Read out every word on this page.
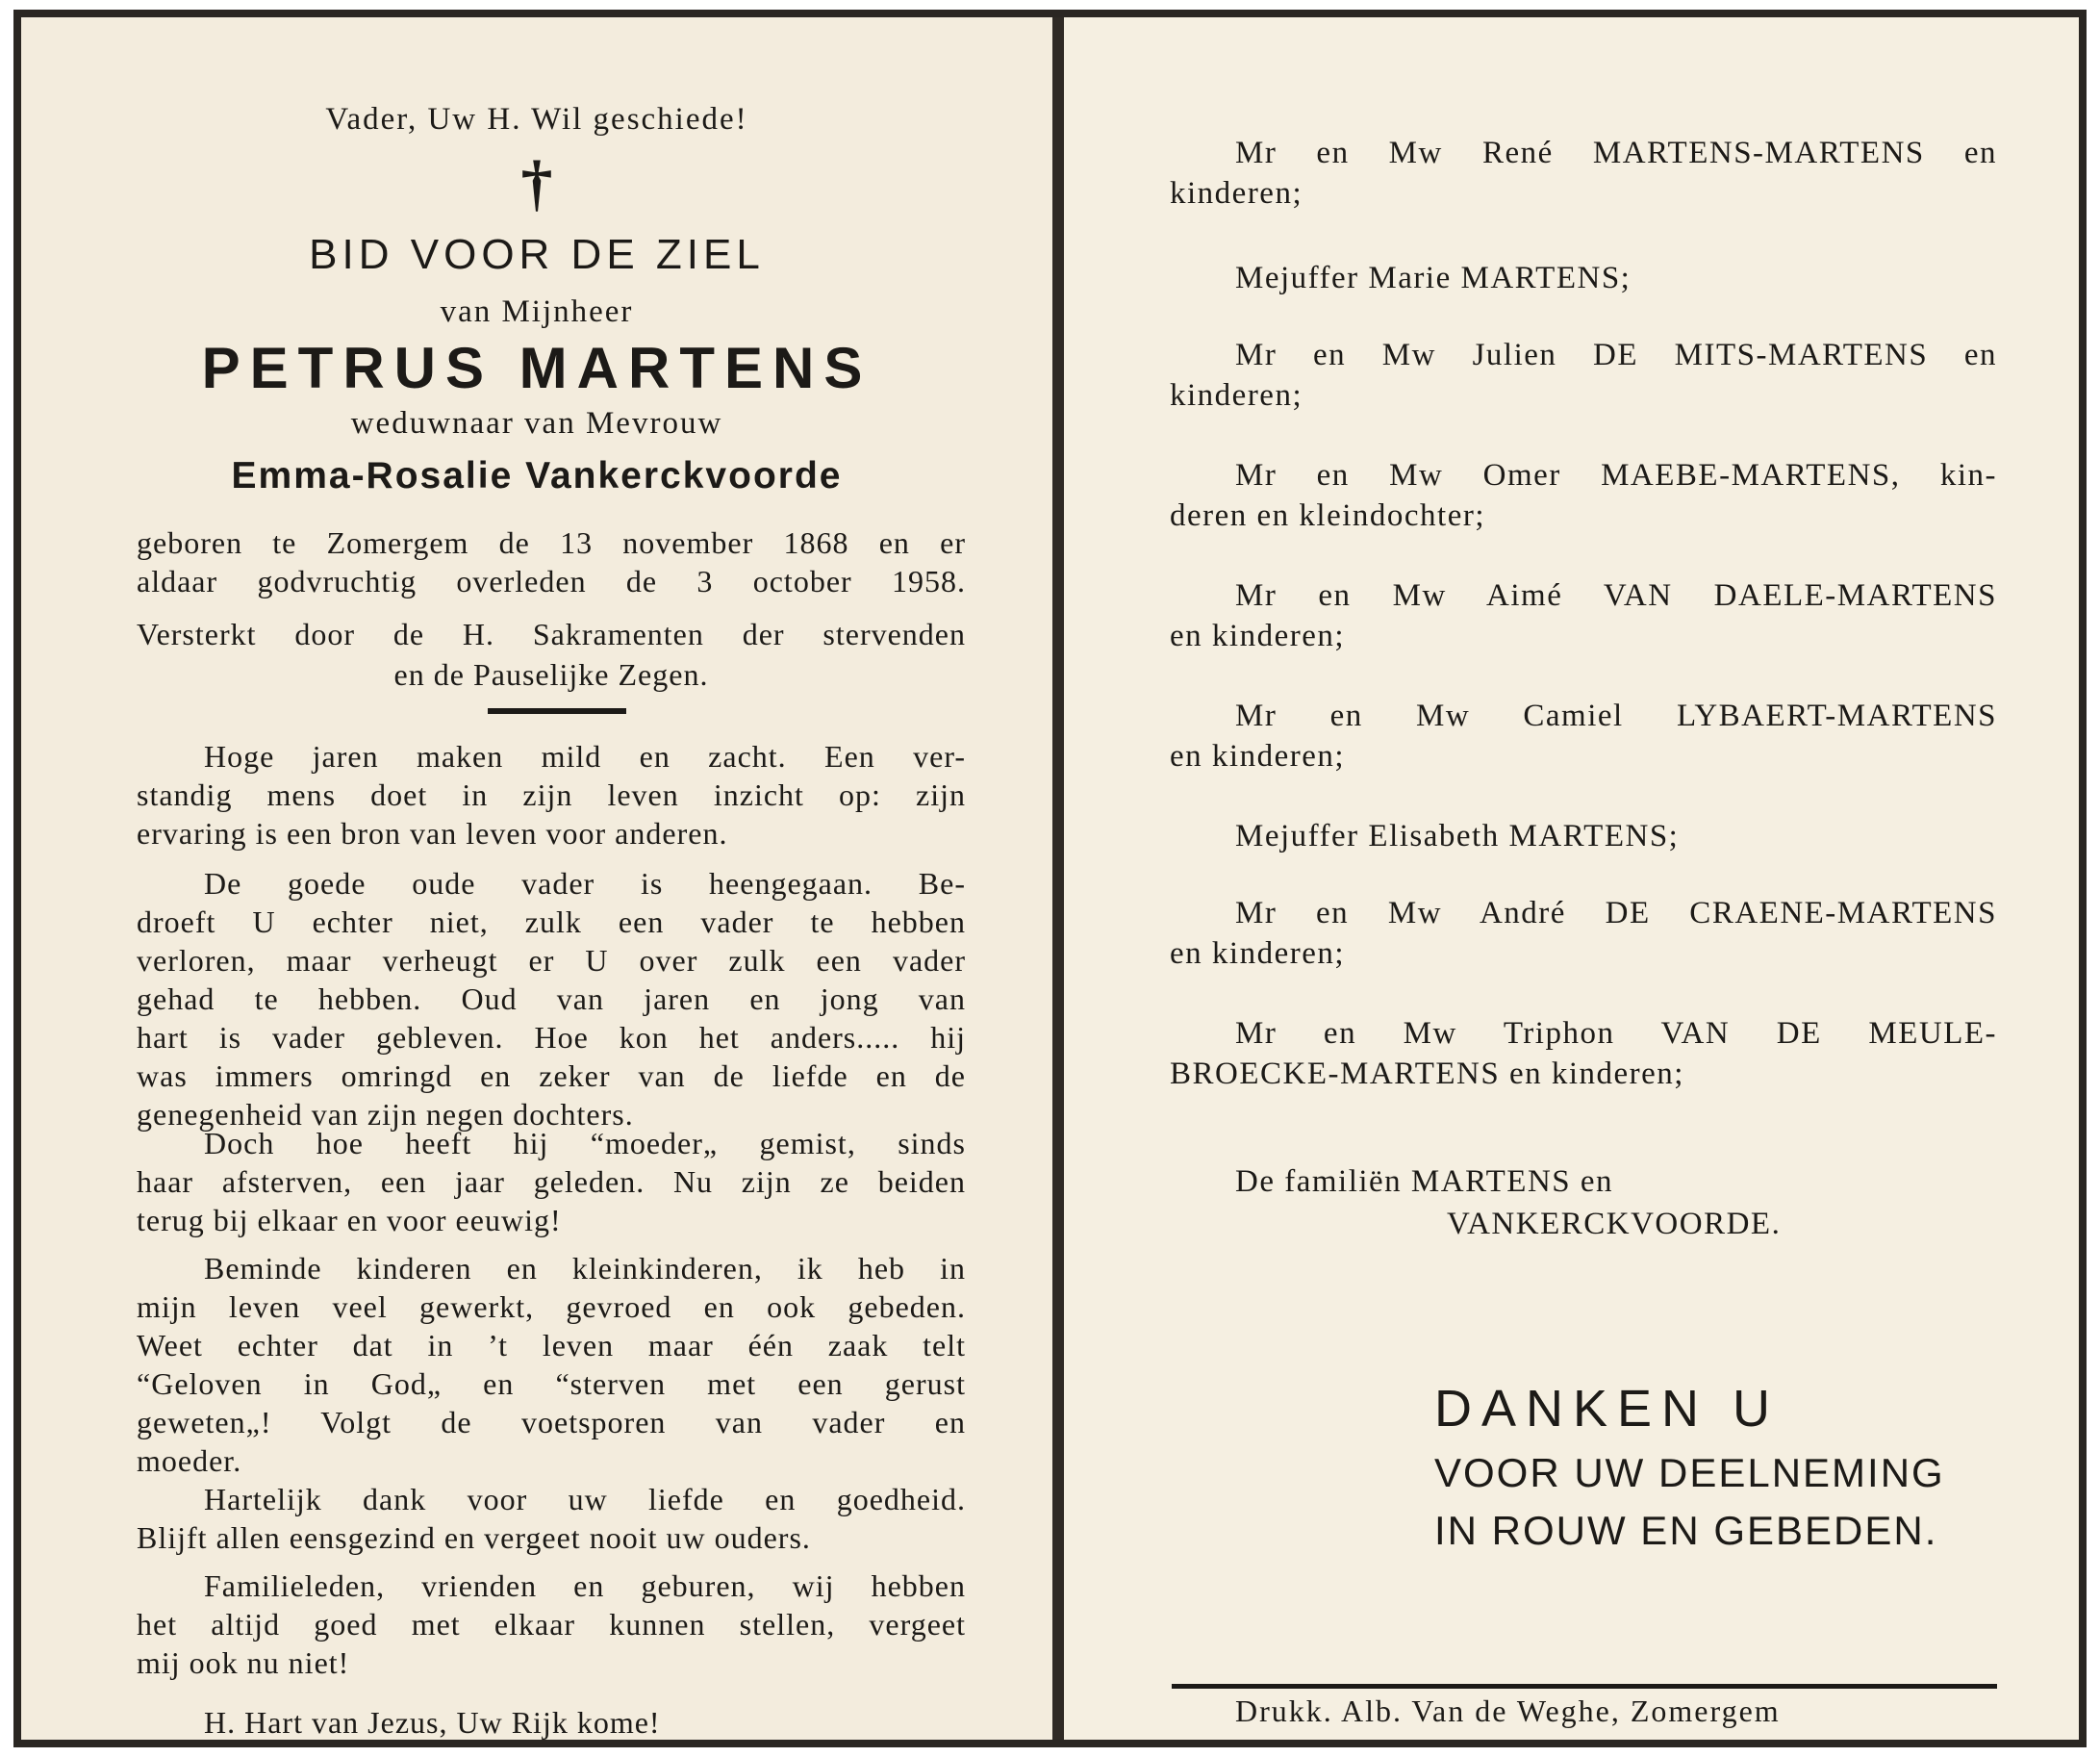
Vader, Uw H. Wil geschiede!
†
BID VOOR DE ZIEL
van Mijnheer
PETRUS MARTENS
weduwnaar van Mevrouw
Emma-Rosalie Vankerckvoorde
geboren te Zomergem de 13 november 1868 en er
aldaar godvruchtig overleden de 3 october 1958.
Versterkt door de H. Sakramenten der stervenden
en de Pauselijke Zegen.
Hoge jaren maken mild en zacht. Een ver-
standig mens doet in zijn leven inzicht op: zijn
ervaring is een bron van leven voor anderen.
De goede oude vader is heengegaan. Be-
droeft U echter niet, zulk een vader te hebben
verloren, maar verheugt er U over zulk een vader
gehad te hebben. Oud van jaren en jong van
hart is vader gebleven. Hoe kon het anders..... hij
was immers omringd en zeker van de liefde en de
genegenheid van zijn negen dochters.
Doch hoe heeft hij “moeder„ gemist, sinds
haar afsterven, een jaar geleden. Nu zijn ze beiden
terug bij elkaar en voor eeuwig!
Beminde kinderen en kleinkinderen, ik heb in
mijn leven veel gewerkt, gevroed en ook gebeden.
Weet echter dat in ’t leven maar één zaak telt
“Geloven in God„ en “sterven met een gerust
geweten„! Volgt de voetsporen van vader en
moeder.
Hartelijk dank voor uw liefde en goedheid.
Blijft allen eensgezind en vergeet nooit uw ouders.
Familieleden, vrienden en geburen, wij hebben
het altijd goed met elkaar kunnen stellen, vergeet
mij ook nu niet!
H. Hart van Jezus, Uw Rijk kome!
Mr en Mw René MARTENS-MARTENS en
kinderen;
Mejuffer Marie MARTENS;
Mr en Mw Julien DE MITS-MARTENS en
kinderen;
Mr en Mw Omer MAEBE-MARTENS, kin-
deren en kleindochter;
Mr en Mw Aimé VAN DAELE-MARTENS
en kinderen;
Mr en Mw Camiel LYBAERT-MARTENS
en kinderen;
Mejuffer Elisabeth MARTENS;
Mr en Mw André DE CRAENE-MARTENS
en kinderen;
Mr en Mw Triphon VAN DE MEULE-
BROECKE-MARTENS en kinderen;
De familiën MARTENS en
VANKERCKVOORDE.
DANKEN U
VOOR UW DEELNEMING
IN ROUW EN GEBEDEN.
Drukk. Alb. Van de Weghe, Zomergem
